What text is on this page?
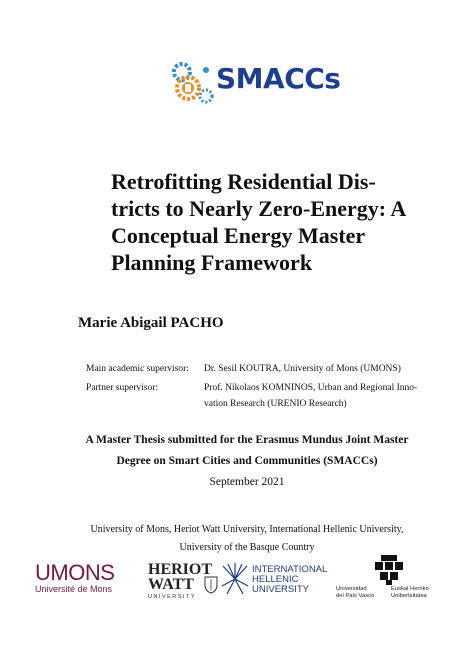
SMACCs
Retrofitting Residential Dis-
tricts to Nearly Zero-Energy: A
Conceptual Energy Master
Planning Framework
Marie Abigail PACHO
Main academic supervisor:	Dr. Sesil KOUTRA, University of Mons (UMONS)
Partner supervisor:	Prof. Nikolaos KOMNINOS, Urban and Regional Inno-vation Research (URENIO Research)
A Master Thesis submitted for the Erasmus Mundus Joint Master
Degree on Smart Cities and Communities (SMACCs)
September 2021
University of Mons, Heriot Watt University, International Hellenic University,
University of the Basque Country
UMONS
Université de Mons
HERIOT
WATT
UNIVERSITY
INTERNATIONAL
HELLENIC
UNIVERSITY	Universidad
del País Vasco
Euskal Herriko
Unibertsitatea
